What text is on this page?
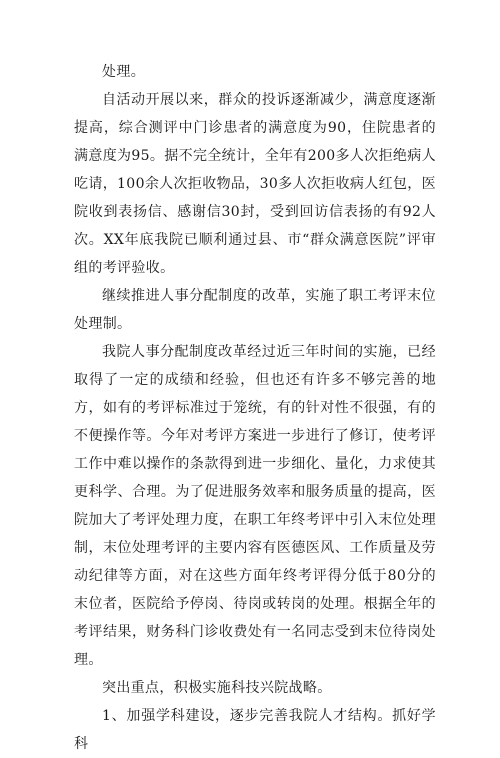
处理。

自活动开展以来，群众的投诉逐渐减少，满意度逐渐提高，综合测评中门诊患者的满意度为90，住院患者的满意度为95。据不完全统计，全年有200多人次拒绝病人吃请，100余人次拒收物品，30多人次拒收病人红包，医院收到表扬信、感谢信30封，受到回访信表扬的有92人次。XX年底我院已顺利通过县、市“群众满意医院”评审组的考评验收。

继续推进人事分配制度的改革，实施了职工考评末位处理制。

我院人事分配制度改革经过近三年时间的实施，已经取得了一定的成绩和经验，但也还有许多不够完善的地方，如有的考评标准过于笼统，有的针对性不很强，有的不便操作等。今年对考评方案进一步进行了修订，使考评工作中难以操作的条款得到进一步细化、量化，力求使其更科学、合理。为了促进服务效率和服务质量的提高，医院加大了考评处理力度，在职工年终考评中引入末位处理制，末位处理考评的主要内容有医德医风、工作质量及劳动纪律等方面，对在这些方面年终考评得分低于80分的末位者，医院给予停岗、待岗或转岗的处理。根据全年的考评结果，财务科门诊收费处有一名同志受到末位待岗处理。

突出重点，积极实施科技兴院战略。

1、加强学科建设，逐步完善我院人才结构。抓好学科
